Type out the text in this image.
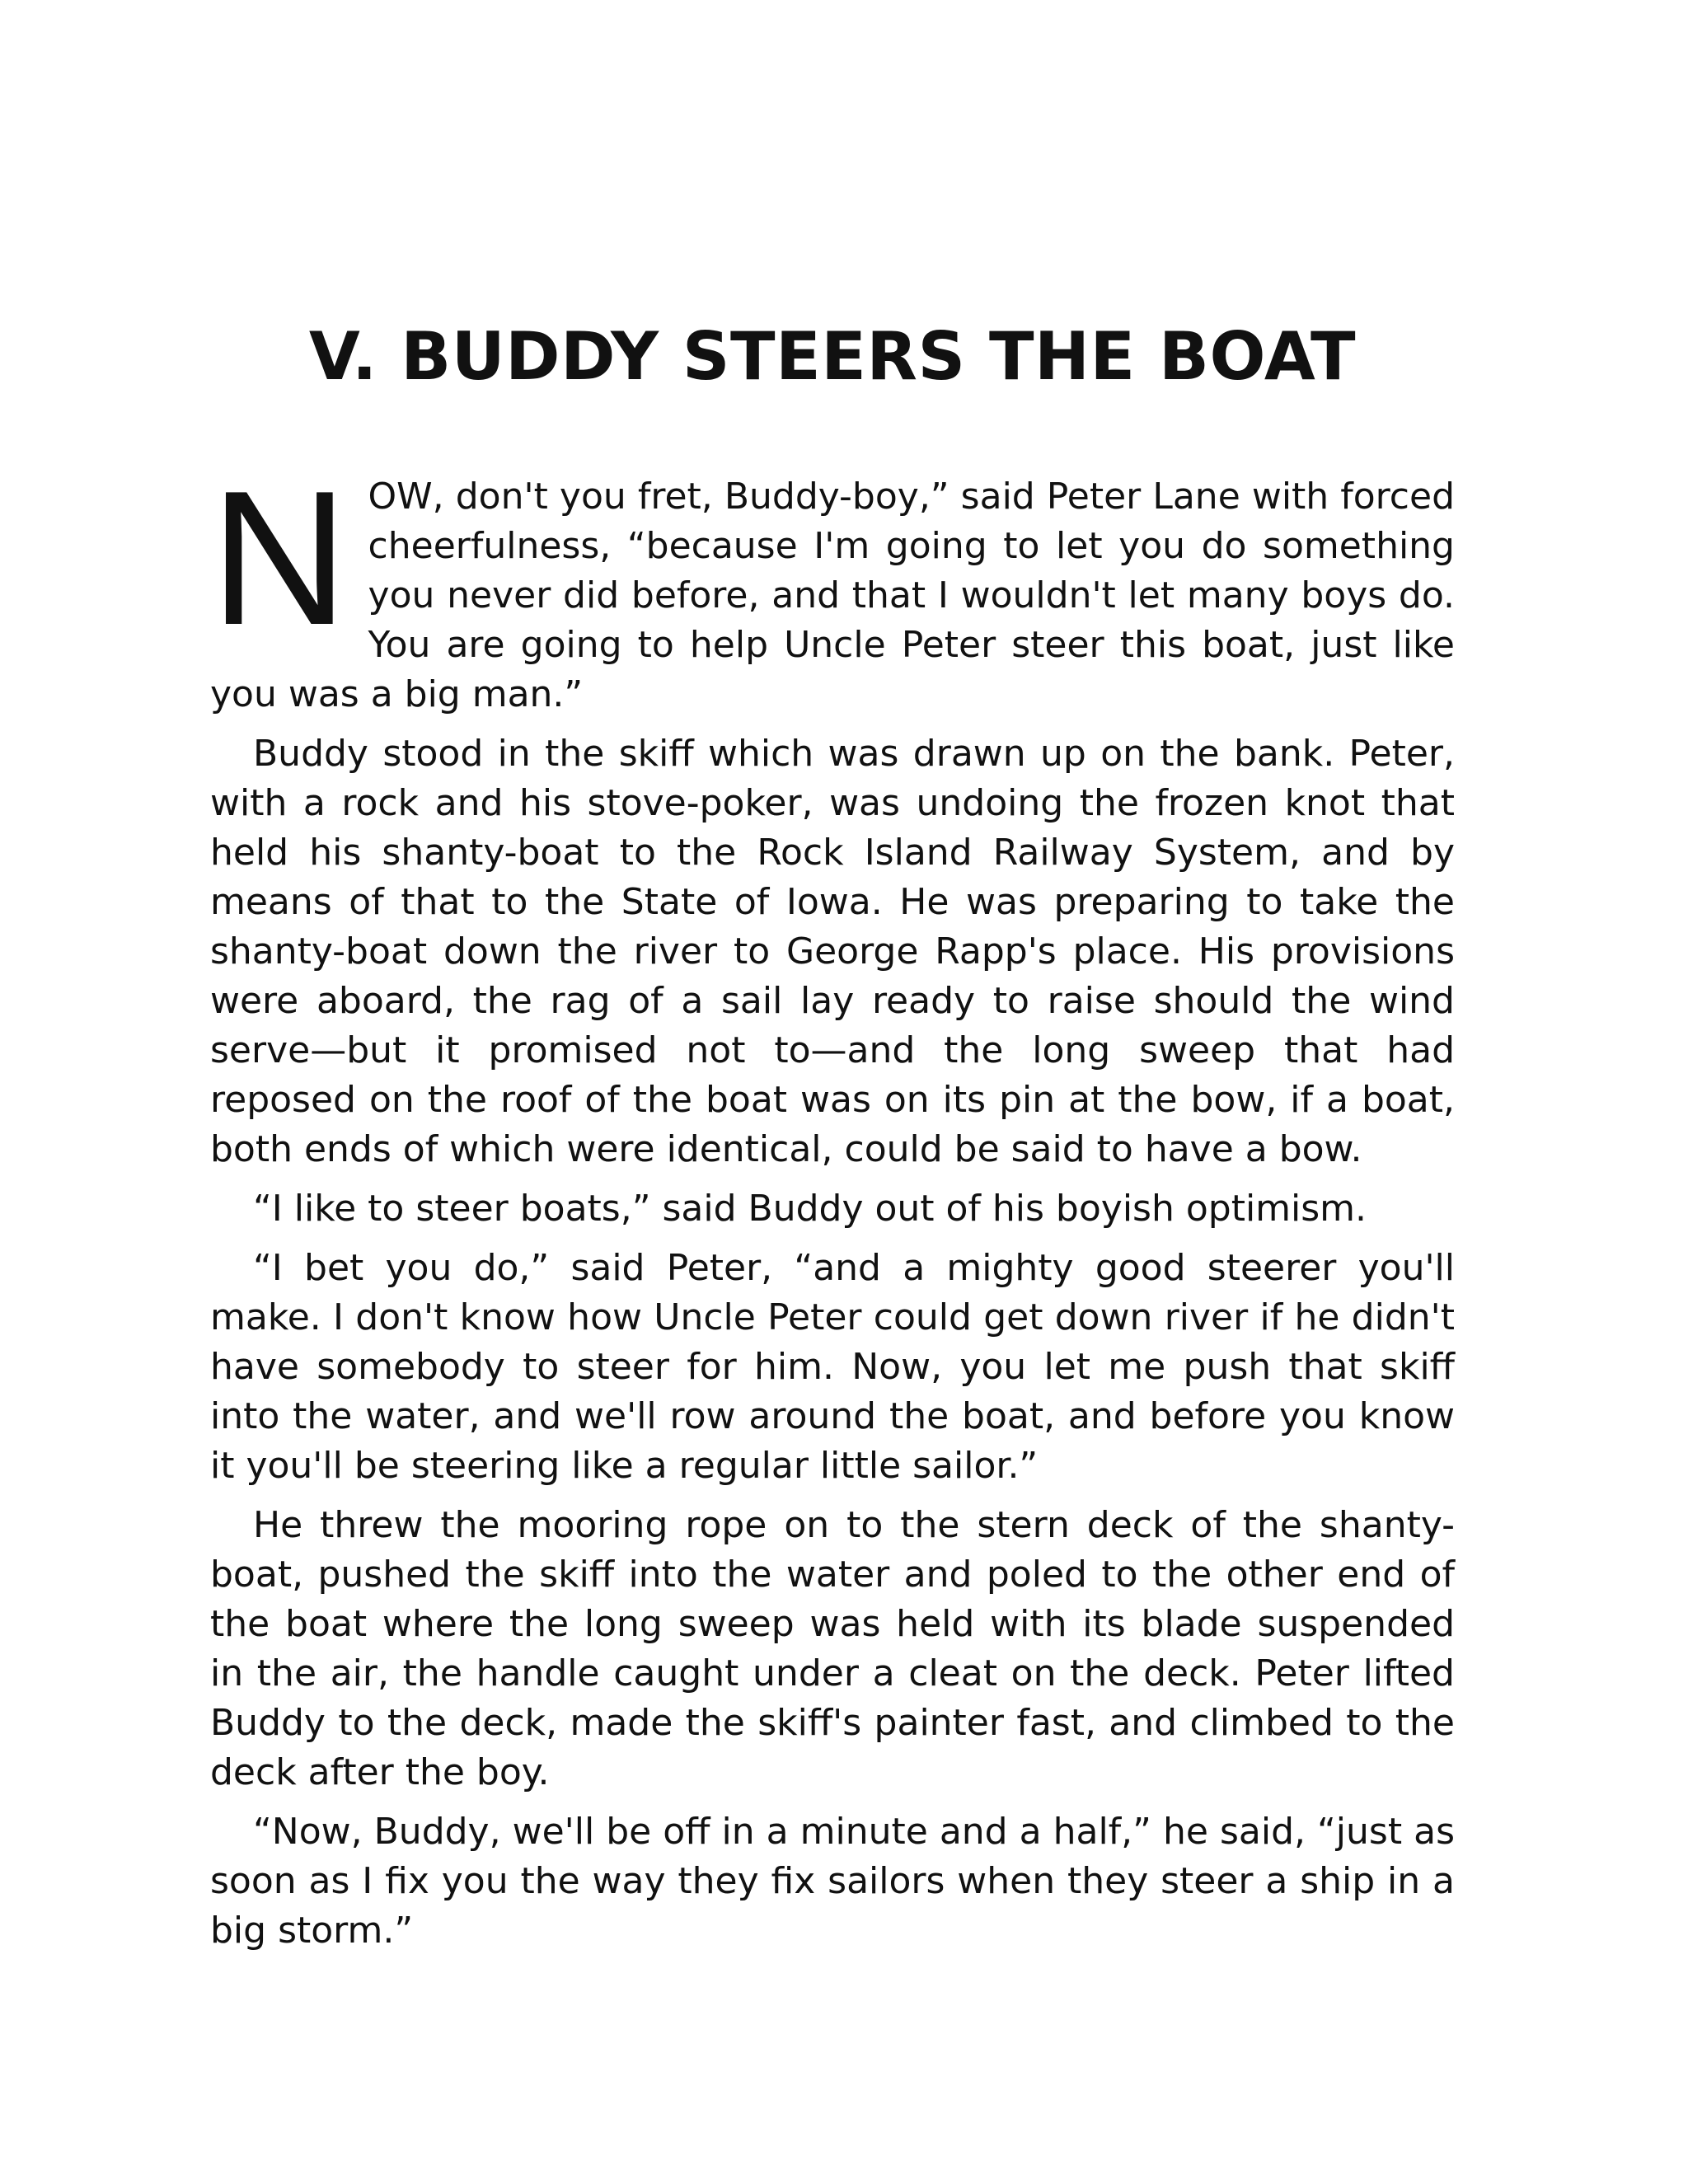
V. BUDDY STEERS THE BOAT

NOW, don't you fret, Buddy-boy,” said Peter Lane with forced cheerfulness, “because I'm going to let you do something you never did before, and that I wouldn't let many boys do. You are going to help Uncle Peter steer this boat, just like you was a big man.”

Buddy stood in the skiff which was drawn up on the bank. Peter, with a rock and his stove-poker, was undoing the frozen knot that held his shanty-boat to the Rock Island Railway System, and by means of that to the State of Iowa. He was preparing to take the shanty-boat down the river to George Rapp's place. His provisions were aboard, the rag of a sail lay ready to raise should the wind serve—but it promised not to—and the long sweep that had reposed on the roof of the boat was on its pin at the bow, if a boat, both ends of which were identical, could be said to have a bow.

“I like to steer boats,” said Buddy out of his boyish optimism.

“I bet you do,” said Peter, “and a mighty good steerer you'll make. I don't know how Uncle Peter could get down river if he didn't have somebody to steer for him. Now, you let me push that skiff into the water, and we'll row around the boat, and before you know it you'll be steering like a regular little sailor.”

He threw the mooring rope on to the stern deck of the shanty-boat, pushed the skiff into the water and poled to the other end of the boat where the long sweep was held with its blade suspended in the air, the handle caught under a cleat on the deck. Peter lifted Buddy to the deck, made the skiff's painter fast, and climbed to the deck after the boy.

“Now, Buddy, we'll be off in a minute and a half,” he said, “just as soon as I fix you the way they fix sailors when they steer a ship in a big storm.”
